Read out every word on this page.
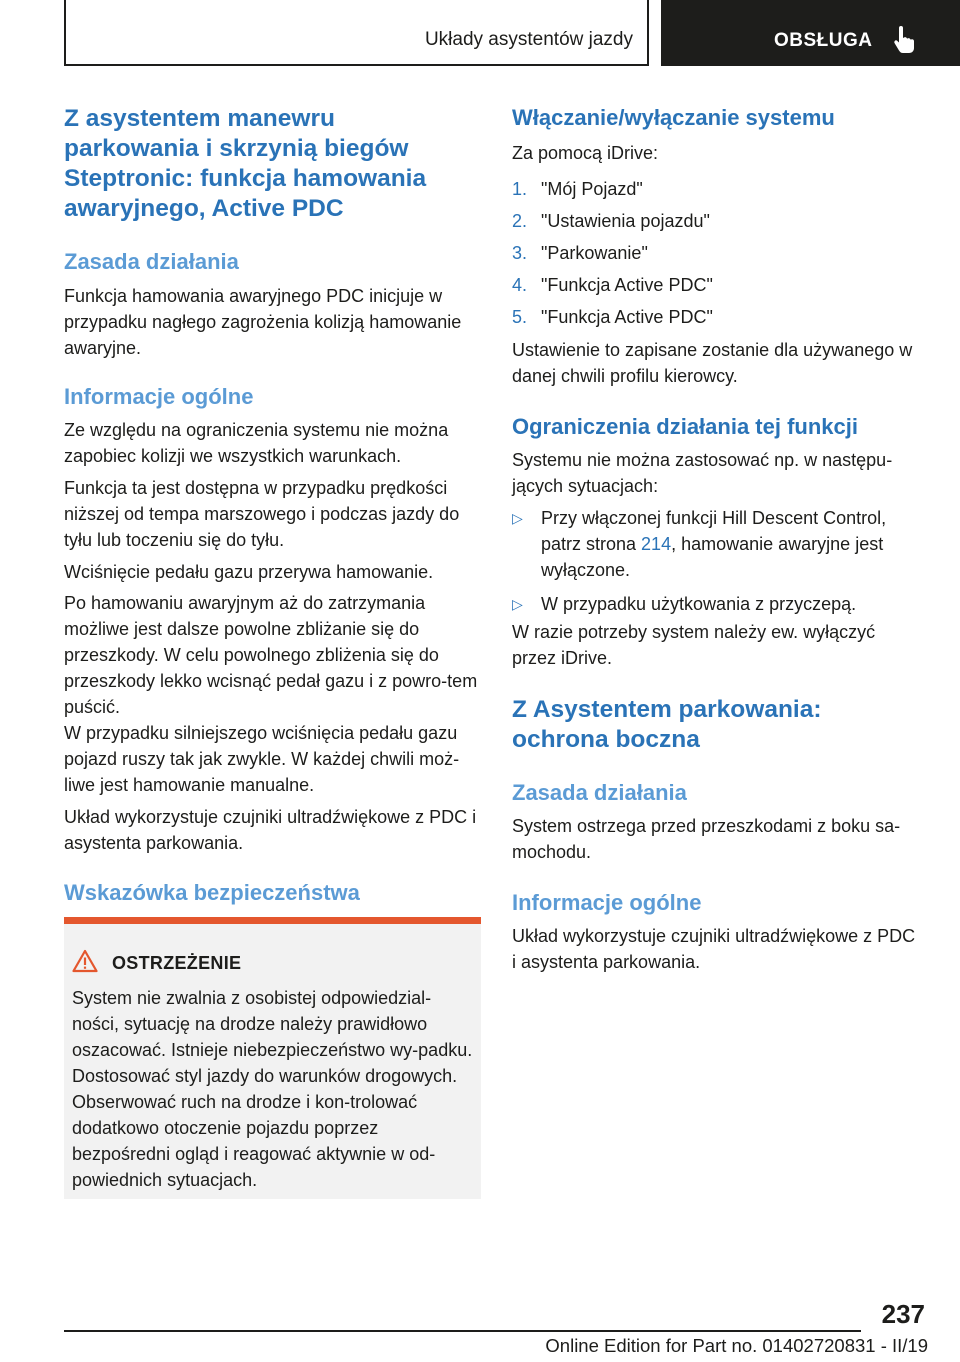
Układy asystentów jazdy	OBSŁUGA
Z asystentem manewru
parkowania i skrzynią biegów
Steptronic: funkcja hamowania
awaryjnego, Active PDC
Zasada działania

Funkcja hamowania awaryjnego PDC inicjuje w przypadku nagłego zagrożenia kolizją hamowanie awaryjne.

Informacje ogólne

Ze względu na ograniczenia systemu nie można zapobiec kolizji we wszystkich warunkach.

Funkcja ta jest dostępna w przypadku prędkości niższej od tempa marszowego i podczas jazdy do tyłu lub toczeniu się do tyłu.

Wciśnięcie pedału gazu przerywa hamowanie.

Po hamowaniu awaryjnym aż do zatrzymania możliwe jest dalsze powolne zbliżanie się do przeszkody. W celu powolnego zbliżenia się do przeszkody lekko wcisnąć pedał gazu i z powro-tem puścić.

W przypadku silniejszego wciśnięcia pedału gazu pojazd ruszy tak jak zwykle. W każdej chwili moż-liwe jest hamowanie manualne.

Układ wykorzystuje czujniki ultradźwiękowe z PDC i asystenta parkowania.

Wskazówka bezpieczeństwa
OSTRZEŻENIE

System nie zwalnia z osobistej odpowiedzial-ności, sytuację na drodze należy prawidłowo oszacować. Istnieje niebezpieczeństwo wy-padku. Dostosować styl jazdy do warunków drogowych. Obserwować ruch na drodze i kon-trolować dodatkowo otoczenie pojazdu poprzez bezpośredni ogląd i reagować aktywnie w od-powiednich sytuacjach.

Włączanie/wyłączanie systemu

Za pomocą iDrive:

1. "Mój Pojazd"
2. "Ustawienia pojazdu"
3. "Parkowanie"
4. "Funkcja Active PDC"
5. "Funkcja Active PDC"

Ustawienie to zapisane zostanie dla używanego w danej chwili profilu kierowcy.

Ograniczenia działania tej funkcji

Systemu nie można zastosować np. w następu-jących sytuacjach:

▷ Przy włączonej funkcji Hill Descent Control, patrz strona 214, hamowanie awaryjne jest wyłączone.
▷ W przypadku użytkowania z przyczepą.

W razie potrzeby system należy ew. wyłączyć przez iDrive.

Z Asystentem parkowania:
ochrona boczna
Zasada działania

System ostrzega przed przeszkodami z boku sa-mochodu.

Informacje ogólne

Układ wykorzystuje czujniki ultradźwiękowe z PDC i asystenta parkowania.

237
Online Edition for Part no. 01402720831 - II/19
